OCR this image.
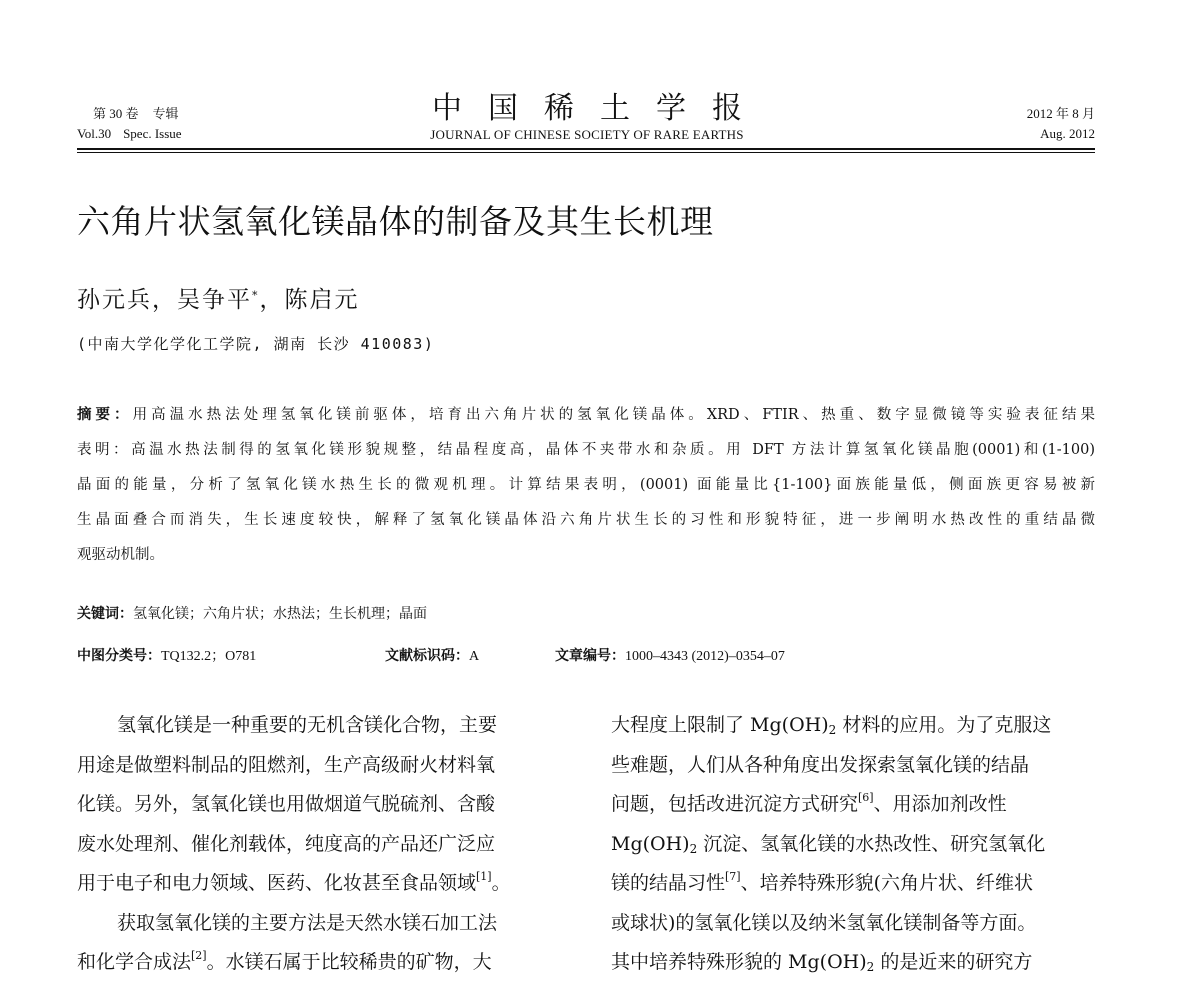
第 30 卷 专辑
Vol.30 Spec. Issue
中国稀土学报
JOURNAL OF CHINESE SOCIETY OF RARE EARTHS
2012 年 8 月
Aug. 2012
六角片状氢氧化镁晶体的制备及其生长机理
孙元兵，吴争平*，陈启元
(中南大学化学化工学院, 湖南 长沙 410083)
摘要：用高温水热法处理氢氧化镁前驱体，培育出六角片状的氢氧化镁晶体。XRD、FTIR、热重、数字显微镜等实验表征结果
表明：高温水热法制得的氢氧化镁形貌规整，结晶程度高，晶体不夹带水和杂质。用 DFT 方法计算氢氧化镁晶胞(0001)和(1-100)
晶面的能量，分析了氢氧化镁水热生长的微观机理。计算结果表明，(0001) 面能量比{1-100}面族能量低，侧面族更容易被新
生晶面叠合而消失，生长速度较快，解释了氢氧化镁晶体沿六角片状生长的习性和形貌特征，进一步阐明水热改性的重结晶微
观驱动机制。
关键词：氢氧化镁 ； 六角片状 ； 水热法 ； 生长机理 ； 晶面
中图分类号：TQ132.2；O781	文献标识码：A	文章编号：1000–4343 (2012)–0354–07
氢氧化镁是一种重要的无机含镁化合物，主要
用途是做塑料制品的阻燃剂，生产高级耐火材料氧
化镁。另外，氢氧化镁也用做烟道气脱硫剂、含酸
废水处理剂、催化剂载体，纯度高的产品还广泛应
用于电子和电力领域、医药、化妆甚至食品领域[1]。
获取氢氧化镁的主要方法是天然水镁石加工法
和化学合成法[2]。水镁石属于比较稀贵的矿物，大
大程度上限制了 $Mg(OH)_2$ 材料的应用。为了克服这
些难题，人们从各种角度出发探索氢氧化镁的结晶
问题，包括改进沉淀方式研究[6]、用添加剂改性
$Mg(OH)_2$ 沉淀、氢氧化镁的水热改性、研究氢氧化
镁的结晶习性[7]、培养特殊形貌(六角片状、纤维状
或球状)的氢氧化镁以及纳米氢氧化镁制备等方面。
其中培养特殊形貌的 $Mg(OH)_2$ 的是近来的研究方
